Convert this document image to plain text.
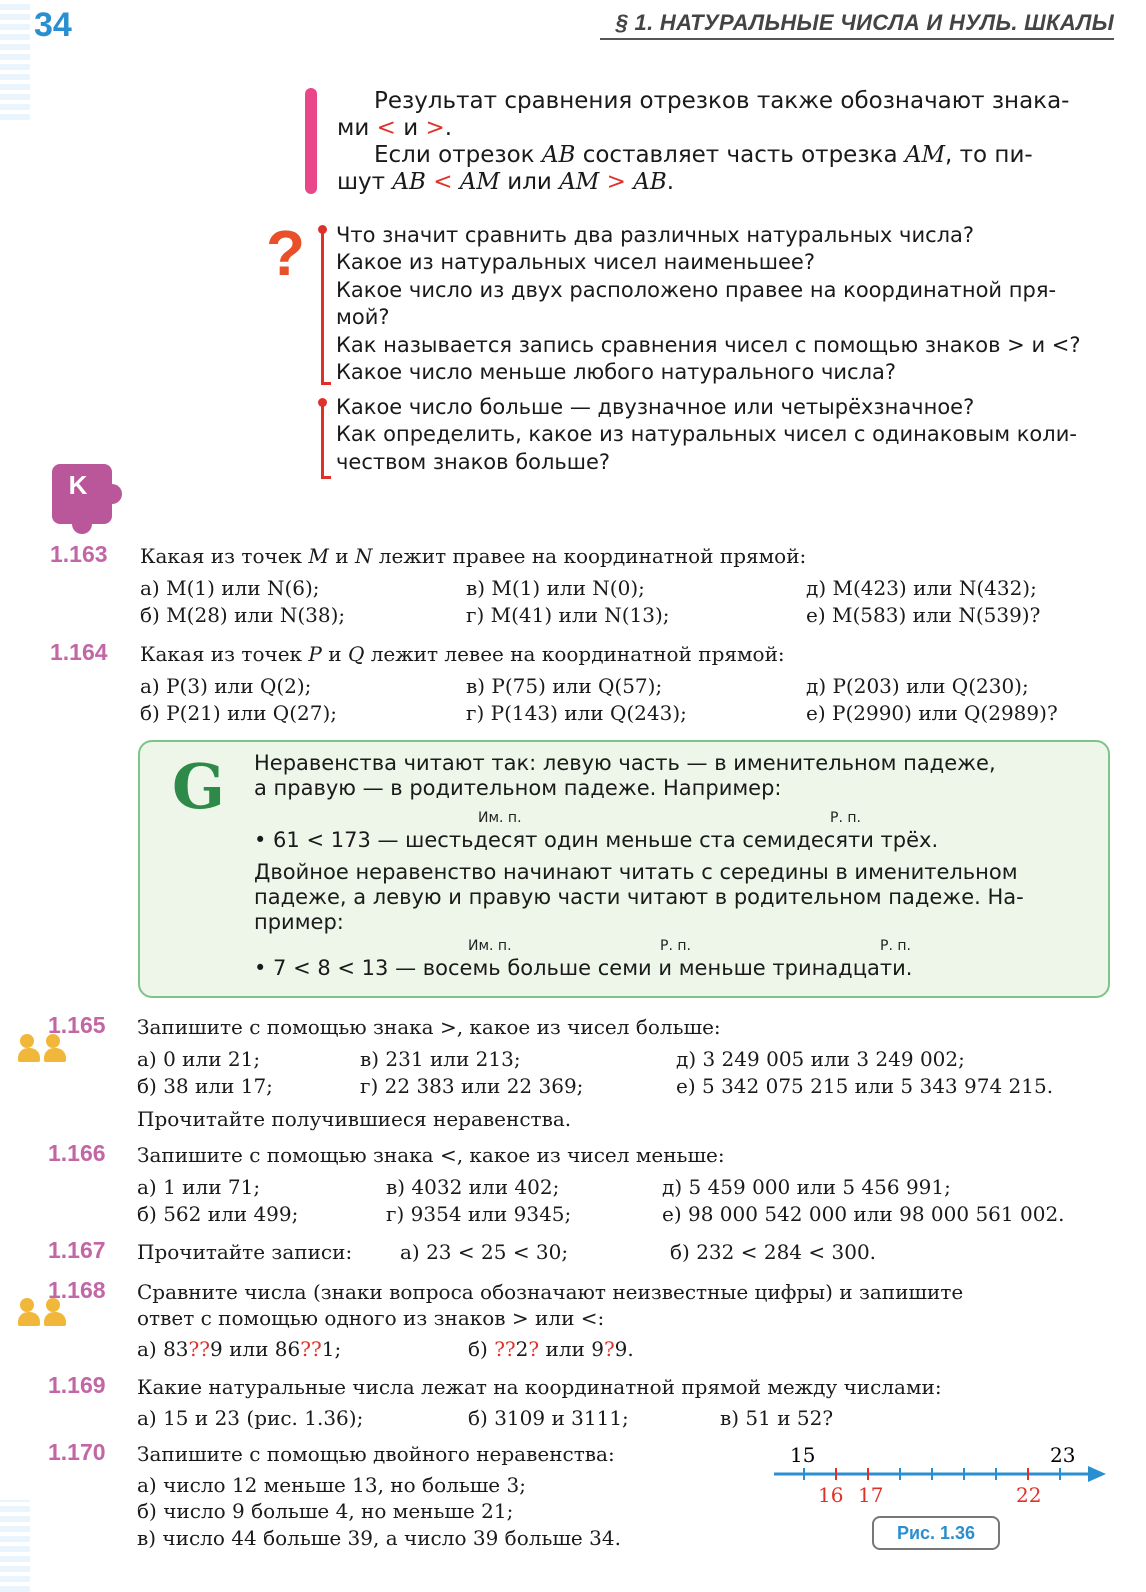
34	§ 1. НАТУРАЛЬНЫЕ ЧИСЛА И НУЛЬ. ШКАЛЫ
Результат сравнения отрезков также обозначают знака-
ми < и >.
Если отрезок AB составляет часть отрезка AM, то пи-
шут AB < AM или AM > AB.
? Что значит сравнить два различных натуральных числа?
Какое из натуральных чисел наименьшее?
Какое число из двух расположено правее на координатной пря-
мой?
Как называется запись сравнения чисел с помощью знаков > и <?
Какое число меньше любого натурального числа?
Какое число больше — двузначное или четырёхзначное?
Как определить, какое из натуральных чисел с одинаковым коли-
чеством знаков больше?
K
1.163 Какая из точек M и N лежит правее на координатной прямой:
а) M(1) или N(6);	в) M(1) или N(0);	д) M(423) или N(432);
б) M(28) или N(38);	г) M(41) или N(13);	е) M(583) или N(539)?
1.164 Какая из точек P и Q лежит левее на координатной прямой:
а) P(3) или Q(2);	в) P(75) или Q(57);	д) P(203) или Q(230);
б) P(21) или Q(27);	г) P(143) или Q(243);	е) P(2990) или Q(2989)?
G Неравенства читают так: левую часть — в именительном падеже,
а правую — в родительном падеже. Например:
Им. п.	Р. п.
• 61 < 173 — шестьдесят один меньше ста семидесяти трёх.
Двойное неравенство начинают читать с середины в именительном
падеже, а левую и правую части читают в родительном падеже. На-
пример:
Им. п.	Р. п.	Р. п.
• 7 < 8 < 13 — восемь больше семи и меньше тринадцати.
1.165 Запишите с помощью знака >, какое из чисел больше:
а) 0 или 21;	в) 231 или 213;	д) 3 249 005 или 3 249 002;
б) 38 или 17;	г) 22 383 или 22 369;	е) 5 342 075 215 или 5 343 974 215.
Прочитайте получившиеся неравенства.
1.166 Запишите с помощью знака <, какое из чисел меньше:
а) 1 или 71;	в) 4032 или 402;	д) 5 459 000 или 5 456 991;
б) 562 или 499;	г) 9354 или 9345;	е) 98 000 542 000 или 98 000 561 002.
1.167 Прочитайте записи: а) 23 < 25 < 30;	б) 232 < 284 < 300.
1.168 Сравните числа (знаки вопроса обозначают неизвестные цифры) и запишите
ответ с помощью одного из знаков > или <:
а) 83??9 или 86??1;	б) ??2? или 9?9.
1.169 Какие натуральные числа лежат на координатной прямой между числами:
а) 15 и 23 (рис. 1.36);	б) 3109 и 3111;	в) 51 и 52?
1.170 Запишите с помощью двойного неравенства:
а) число 12 меньше 13, но больше 3;
б) число 9 больше 4, но меньше 21;
в) число 44 больше 39, а число 39 больше 34.
15	23
16 17	22
Рис. 1.36
